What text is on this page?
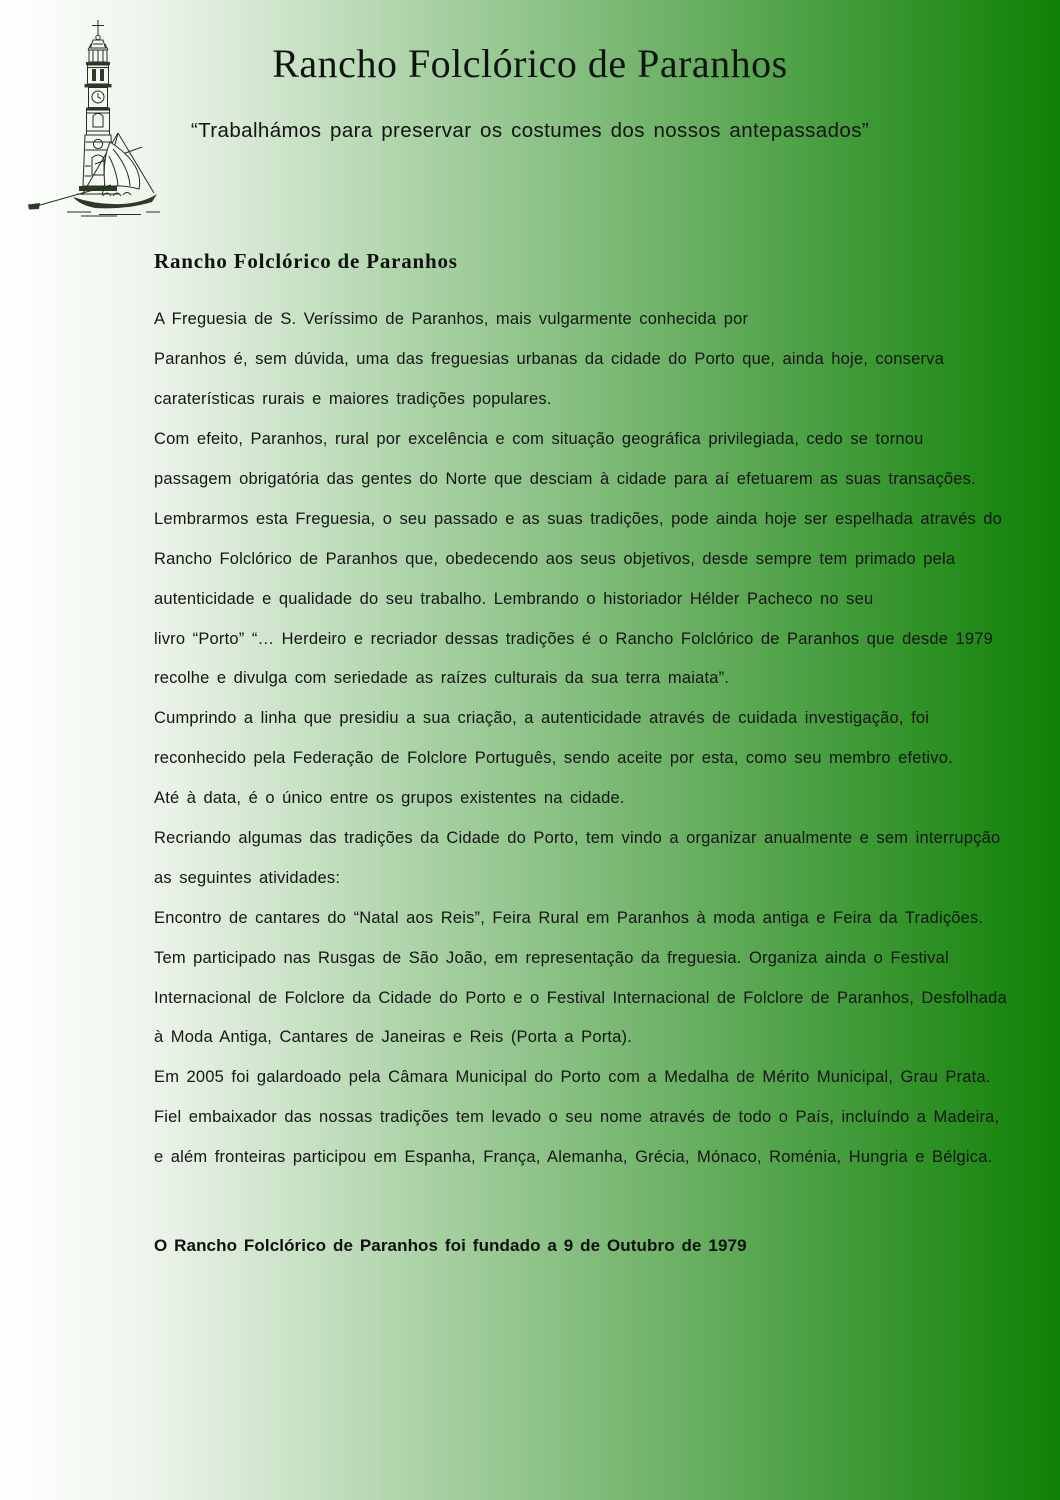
Rancho Folclórico de Paranhos
“Trabalhámos para preservar os costumes dos nossos antepassados”
Rancho Folclórico de Paranhos
A Freguesia de S. Veríssimo de Paranhos, mais vulgarmente conhecida por
Paranhos é, sem dúvida, uma das freguesias urbanas da cidade do Porto que, ainda hoje, conserva
caraterísticas rurais e maiores tradições populares.
Com efeito, Paranhos, rural por excelência e com situação geográfica privilegiada, cedo se tornou
passagem obrigatória das gentes do Norte que desciam à cidade para aí efetuarem as suas transações.
Lembrarmos esta Freguesia, o seu passado e as suas tradições, pode ainda hoje ser espelhada através do
Rancho Folclórico de Paranhos que, obedecendo aos seus objetivos, desde sempre tem primado pela
autenticidade e qualidade do seu trabalho. Lembrando o historiador Hélder Pacheco no seu
livro “Porto” “… Herdeiro e recriador dessas tradições é o Rancho Folclórico de Paranhos que desde 1979
recolhe e divulga com seriedade as raízes culturais da sua terra maiata”.
Cumprindo a linha que presidiu a sua criação, a autenticidade através de cuidada investigação, foi
reconhecido pela Federação de Folclore Português, sendo aceite por esta, como seu membro efetivo.
Até à data, é o único entre os grupos existentes na cidade.
Recriando algumas das tradições da Cidade do Porto, tem vindo a organizar anualmente e sem interrupção
as seguintes atividades:
Encontro de cantares do “Natal aos Reis”, Feira Rural em Paranhos à moda antiga e Feira da Tradições.
Tem participado nas Rusgas de São João, em representação da freguesia. Organiza ainda o Festival
Internacional de Folclore da Cidade do Porto e o Festival Internacional de Folclore de Paranhos, Desfolhada
à Moda Antiga, Cantares de Janeiras e Reis (Porta a Porta).
Em 2005 foi galardoado pela Câmara Municipal do Porto com a Medalha de Mérito Municipal, Grau Prata.
Fiel embaixador das nossas tradições tem levado o seu nome através de todo o País, incluíndo a Madeira,
e além fronteiras participou em Espanha, França, Alemanha, Grécia, Mónaco, Roménia, Hungria e Bélgica.
O Rancho Folclórico de Paranhos foi fundado a 9 de Outubro de 1979
